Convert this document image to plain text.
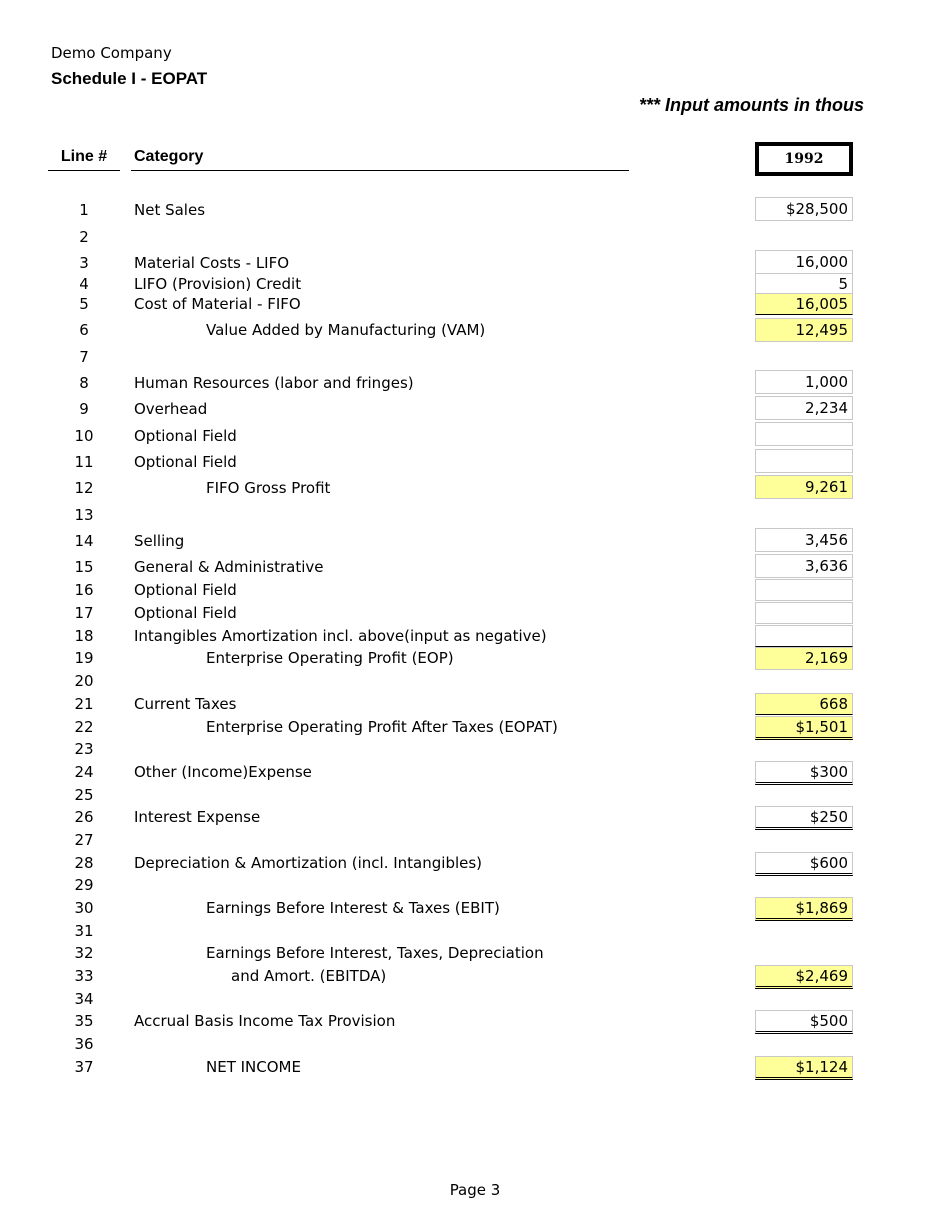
Demo Company
Schedule I - EOPAT
*** Input amounts in thous
Line #	Category	1992
1
2
3
4
5
6
7
8
9
10
11
12
13
14
15
16
17
18
19
20
21
22
23
24
25
26
27
28
29
30
31
32
33
34
35
36
37
Net Sales
Material Costs - LIFO
LIFO (Provision) Credit
Cost of Material - FIFO
Value Added by Manufacturing (VAM)
Human Resources (labor and fringes)
Overhead
Optional Field
Optional Field
FIFO Gross Profit
Selling
General & Administrative
Optional Field
Optional Field
Intangibles Amortization incl. above(input as negative)
Enterprise Operating Profit (EOP)
Current Taxes
Enterprise Operating Profit After Taxes (EOPAT)
Other (Income)Expense
Interest Expense
Depreciation & Amortization (incl. Intangibles)
Earnings Before Interest & Taxes (EBIT)
Earnings Before Interest, Taxes, Depreciation
and Amort. (EBITDA)
Accrual Basis Income Tax Provision
NET INCOME
$28,500
16,000
5
16,005
12,495
1,000
2,234
9,261
3,456
3,636
2,169
668
$1,501
$300
$250
$600
$1,869
$2,469
$500
$1,124
Page 3
